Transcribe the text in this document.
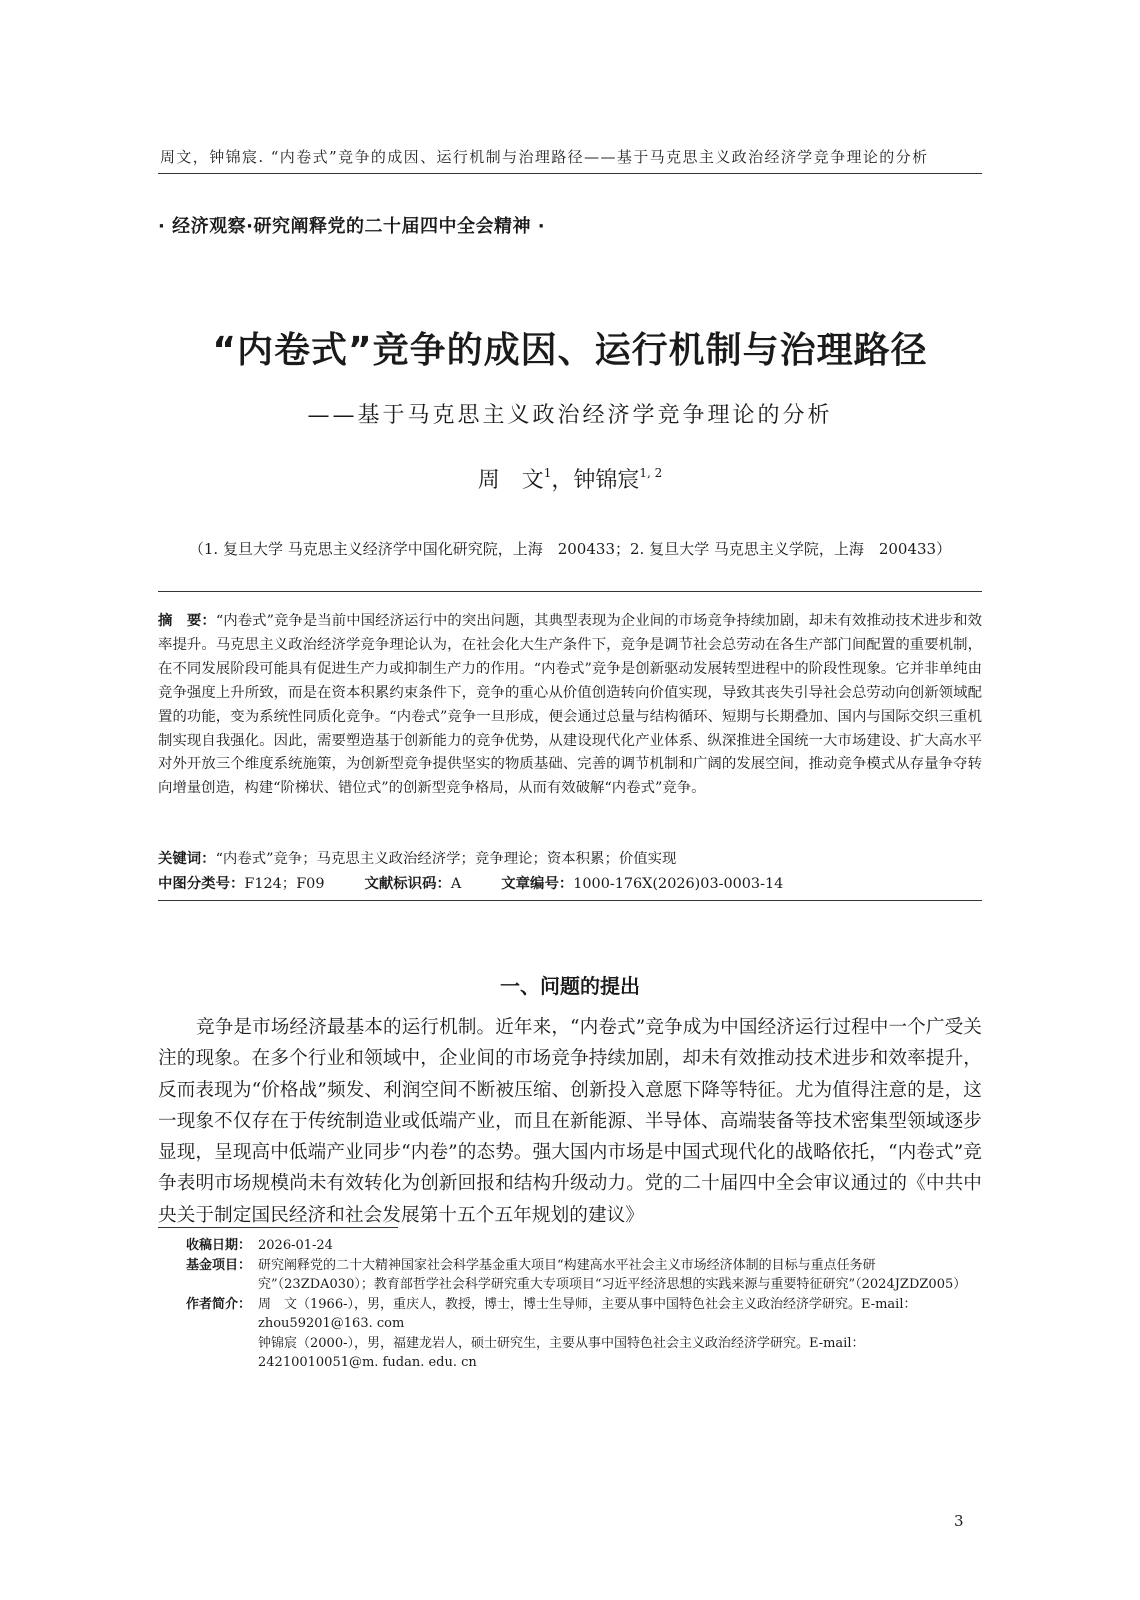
周文，钟锦宸. “内卷式”竞争的成因、运行机制与治理路径——基于马克思主义政治经济学竞争理论的分析
· 经济观察·研究阐释党的二十届四中全会精神 ·
“内卷式”竞争的成因、运行机制与治理路径
——基于马克思主义政治经济学竞争理论的分析
周　文$^1$，钟锦宸$^{1, 2}$
（1. 复旦大学 马克思主义经济学中国化研究院，上海　200433；2. 复旦大学 马克思主义学院，上海　200433）
摘　要：“内卷式”竞争是当前中国经济运行中的突出问题，其典型表现为企业间的市场竞争持续加剧，却未有效推动技术进步和效率提升。马克思主义政治经济学竞争理论认为，在社会化大生产条件下，竞争是调节社会总劳动在各生产部门间配置的重要机制，在不同发展阶段可能具有促进生产力或抑制生产力的作用。“内卷式”竞争是创新驱动发展转型进程中的阶段性现象。它并非单纯由竞争强度上升所致，而是在资本积累约束条件下，竞争的重心从价值创造转向价值实现，导致其丧失引导社会总劳动向创新领域配置的功能，变为系统性同质化竞争。“内卷式”竞争一旦形成，便会通过总量与结构循环、短期与长期叠加、国内与国际交织三重机制实现自我强化。因此，需要塑造基于创新能力的竞争优势，从建设现代化产业体系、纵深推进全国统一大市场建设、扩大高水平对外开放三个维度系统施策，为创新型竞争提供坚实的物质基础、完善的调节机制和广阔的发展空间，推动竞争模式从存量争夺转向增量创造，构建“阶梯状、错位式”的创新型竞争格局，从而有效破解“内卷式”竞争。
关键词：“内卷式”竞争；马克思主义政治经济学；竞争理论；资本积累；价值实现
中图分类号：F124；F09	文献标识码：A	文章编号：1000-176X(2026)03-0003-14
一、问题的提出
竞争是市场经济最基本的运行机制。近年来，“内卷式”竞争成为中国经济运行过程中一个广受关注的现象。在多个行业和领域中，企业间的市场竞争持续加剧，却未有效推动技术进步和效率提升，反而表现为“价格战”频发、利润空间不断被压缩、创新投入意愿下降等特征。尤为值得注意的是，这一现象不仅存在于传统制造业或低端产业，而且在新能源、半导体、高端装备等技术密集型领域逐步显现，呈现高中低端产业同步“内卷”的态势。强大国内市场是中国式现代化的战略依托，“内卷式”竞争表明市场规模尚未有效转化为创新回报和结构升级动力。党的二十届四中全会审议通过的《中共中央关于制定国民经济和社会发展第十五个五年规划的建议》
收稿日期： 2026-01-24
基金项目： 研究阐释党的二十大精神国家社会科学基金重大项目“构建高水平社会主义市场经济体制的目标与重点任务研究”（23ZDA030）；教育部哲学社会科学研究重大专项项目“习近平经济思想的实践来源与重要特征研究”（2024JZDZ005）
作者简介： 周　文（1966-），男，重庆人，教授，博士，博士生导师，主要从事中国特色社会主义政治经济学研究。E-mail：zhou59201@163. com
钟锦宸（2000-），男，福建龙岩人，硕士研究生，主要从事中国特色社会主义政治经济学研究。E-mail：24210010051@m. fudan. edu. cn
3
